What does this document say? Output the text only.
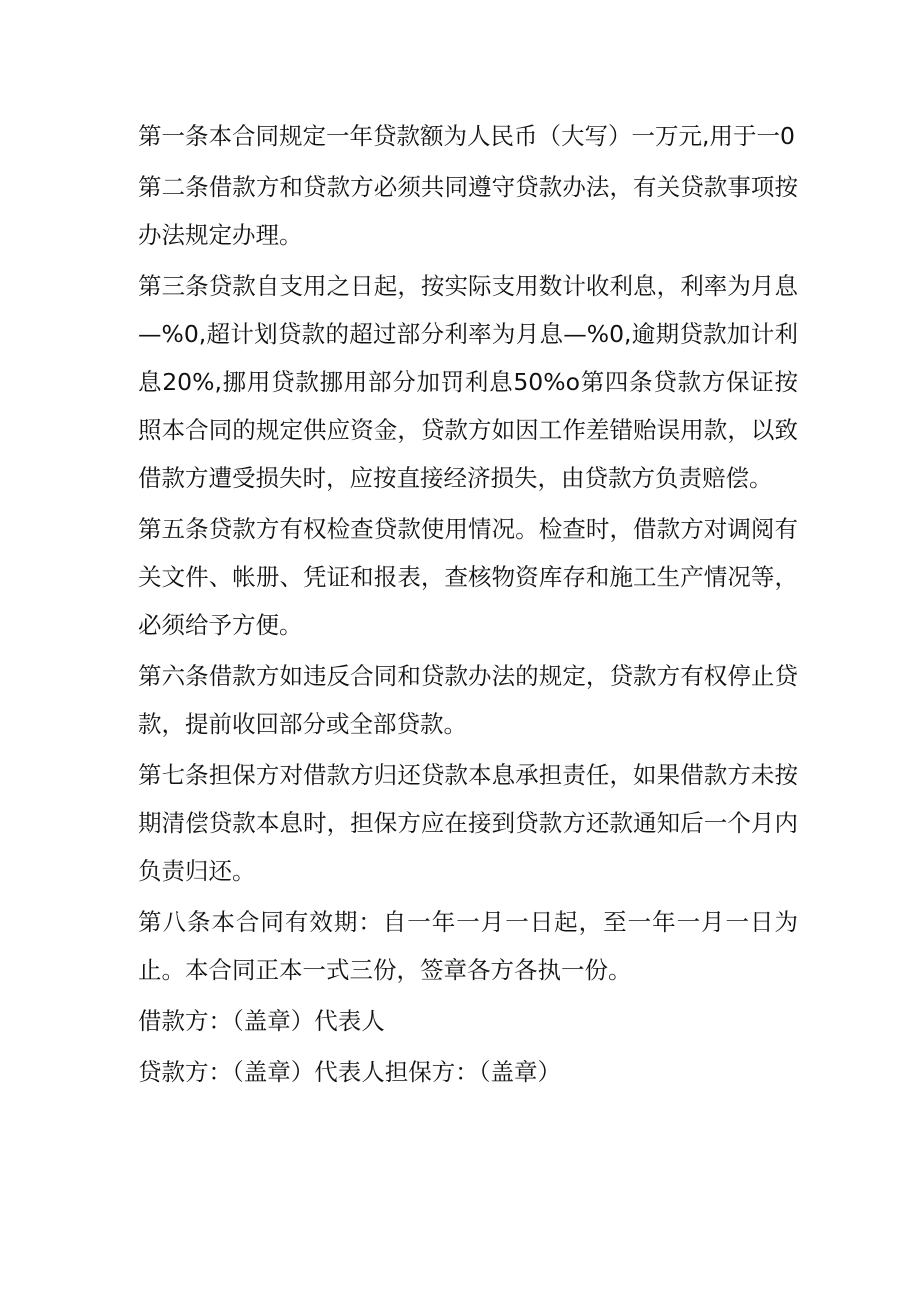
第一条本合同规定一年贷款额为人民币（大写）一万元,用于一0

第二条借款方和贷款方必须共同遵守贷款办法，有关贷款事项按办法规定办理。

第三条贷款自支用之日起，按实际支用数计收利息，利率为月息—%0,超计划贷款的超过部分利率为月息—%0,逾期贷款加计利息20%,挪用贷款挪用部分加罚利息50%o第四条贷款方保证按照本合同的规定供应资金，贷款方如因工作差错贻误用款，以致借款方遭受损失时，应按直接经济损失，由贷款方负责赔偿。

第五条贷款方有权检查贷款使用情况。检查时，借款方对调阅有关文件、帐册、凭证和报表，查核物资库存和施工生产情况等，必须给予方便。

第六条借款方如违反合同和贷款办法的规定，贷款方有权停止贷款，提前收回部分或全部贷款。

第七条担保方对借款方归还贷款本息承担责任，如果借款方未按期清偿贷款本息时，担保方应在接到贷款方还款通知后一个月内负责归还。

第八条本合同有效期：自一年一月一日起，至一年一月一日为止。本合同正本一式三份，签章各方各执一份。

借款方：（盖章）代表人

贷款方：（盖章）代表人担保方：（盖章）
